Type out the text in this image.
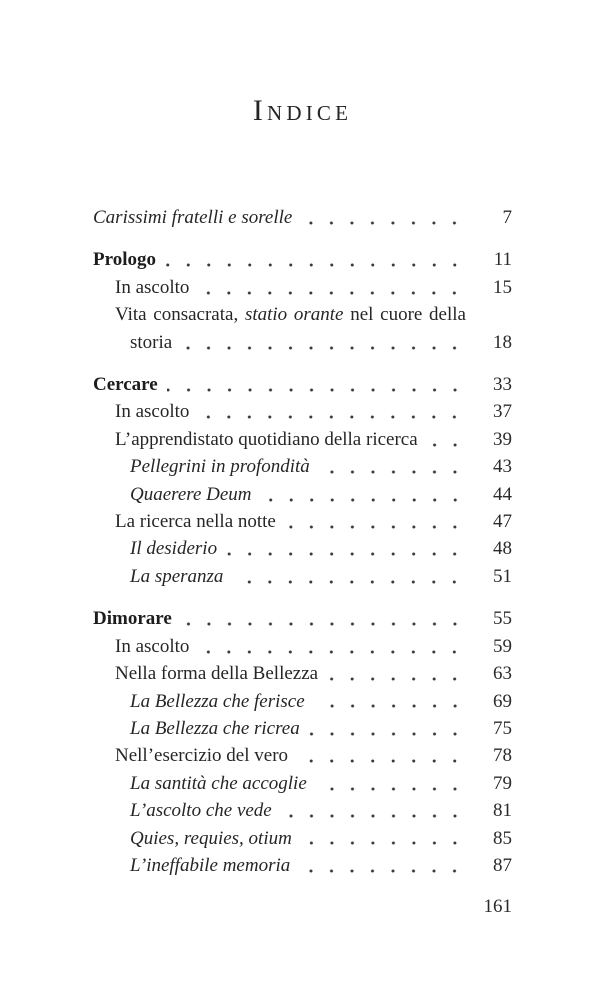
Indice
Carissimi fratelli e sorelle	7
Prologo	11
In ascolto	15
Vita consacrata, statio orante nel cuore della
storia	18
Cercare	33
In ascolto	37
L’apprendistato quotidiano della ricerca	39
Pellegrini in profondità	43
Quaerere Deum	44
La ricerca nella notte	47
Il desiderio	48
La speranza	51
Dimorare	55
In ascolto	59
Nella forma della Bellezza	63
La Bellezza che ferisce	69
La Bellezza che ricrea	75
Nell’esercizio del vero	78
La santità che accoglie	79
L’ascolto che vede	81
Quies, requies, otium	85
L’ineffabile memoria	87
161
